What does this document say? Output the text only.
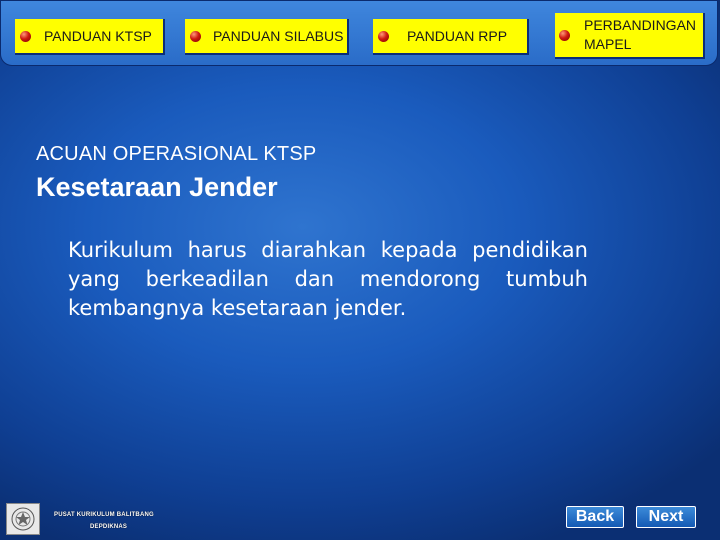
PANDUAN KTSP	PANDUAN SILABUS	PANDUAN RPP
PERBANDINGAN MAPEL
ACUAN OPERASIONAL KTSP
Kesetaraan Jender
Kurikulum harus diarahkan kepada pendidikan yang berkeadilan dan mendorong tumbuh kembangnya kesetaraan jender.
PUSAT KURIKULUM BALITBANG
DEPDIKNAS
Back	Next
